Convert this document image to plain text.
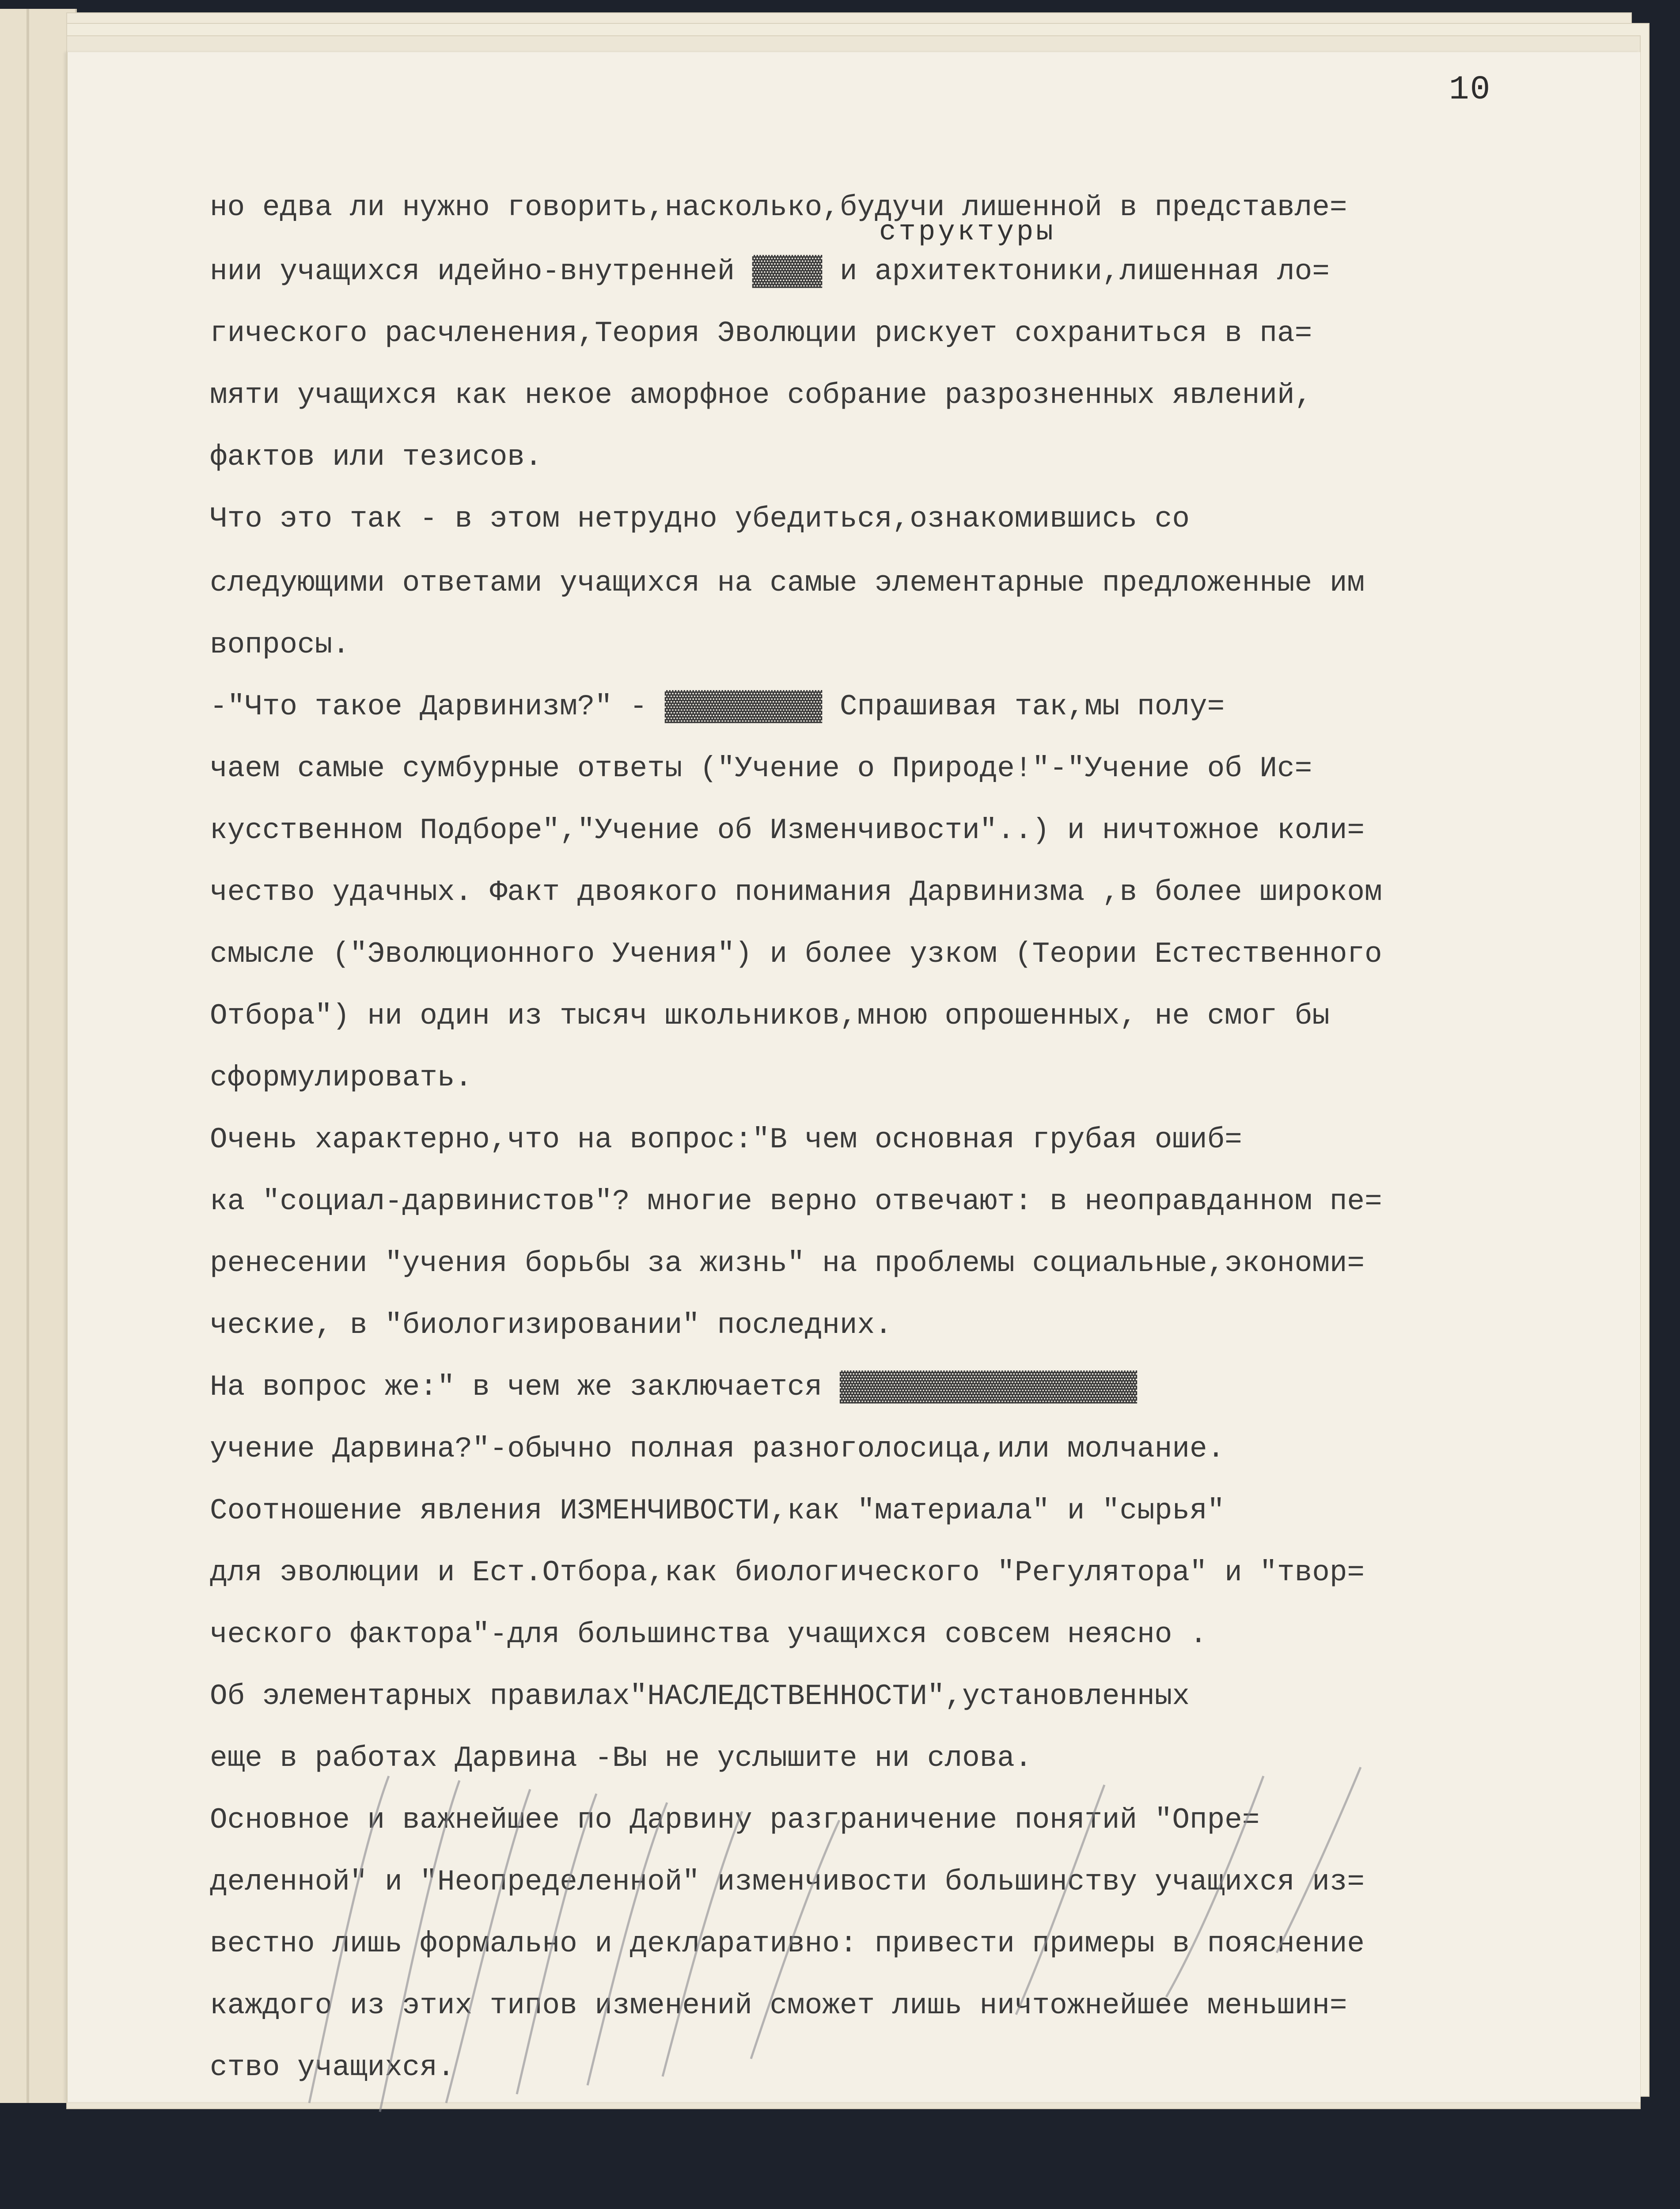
10
структуры
но едва ли нужно говорить,насколько,будучи лишенной в представле=
нии учащихся идейно-внутренней ▓▓▓▓ и архитектоники,лишенная ло=
гического расчленения,Теория Эволюции рискует сохраниться в па=
мяти учащихся как некое аморфное собрание разрозненных явлений,
фактов или тезисов.
Что это так - в этом нетрудно убедиться,ознакомившись со
следующими ответами учащихся на самые элементарные предложенные им
вопросы.
-"Что такое Дарвинизм?" - ▓▓▓▓▓▓▓▓▓ Спрашивая так,мы полу=
чаем самые сумбурные ответы ("Учение о Природе!"-"Учение об Ис=
кусственном Подборе","Учение об Изменчивости"..) и ничтожное коли=
чество удачных. Факт двоякого понимания Дарвинизма ,в более широком
смысле ("Эволюционного Учения") и более узком (Теории Естественного
Отбора") ни один из тысяч школьников,мною опрошенных, не смог бы
сформулировать.
Очень характерно,что на вопрос:"В чем основная грубая ошиб=
ка "социал-дарвинистов"? многие верно отвечают: в неоправданном пе=
ренесении "учения борьбы за жизнь" на проблемы социальные,экономи=
ческие, в "биологизировании" последних.
На вопрос же:" в чем же заключается ▓▓▓▓▓▓▓▓▓▓▓▓▓▓▓▓▓
учение Дарвина?"-обычно полная разноголосица,или молчание.
Соотношение явления ИЗМЕНЧИВОСТИ,как "материала" и "сырья"
для эволюции и Ест.Отбора,как биологического "Регулятора" и "твор=
ческого фактора"-для большинства учащихся совсем неясно .
Об элементарных правилах"НАСЛЕДСТВЕННОСТИ",установленных
еще в работах Дарвина -Вы не услышите ни слова.
Основное и важнейшее по Дарвину разграничение понятий "Опре=
деленной" и "Неопределенной" изменчивости большинству учащихся из=
вестно лишь формально и декларативно: привести примеры в пояснение
каждого из этих типов изменений сможет лишь ничтожнейшее меньшин=
ство учащихся.
